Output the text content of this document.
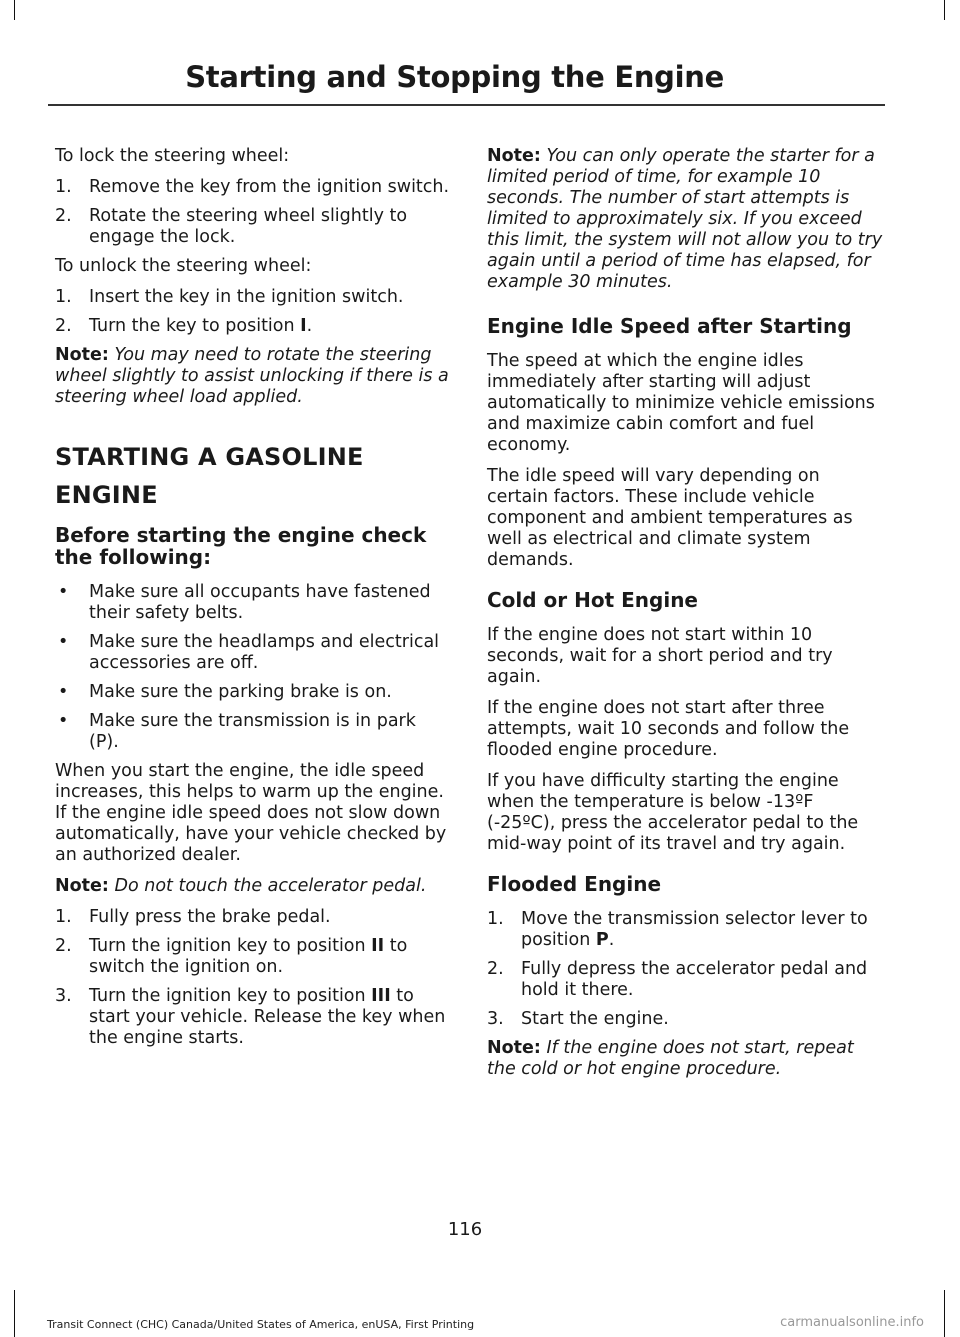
Starting and Stopping the Engine

To lock the steering wheel:

1. Remove the key from the ignition switch.
2. Rotate the steering wheel slightly to engage the lock.

To unlock the steering wheel:

1. Insert the key in the ignition switch.
2. Turn the key to position I.

Note: You may need to rotate the steering wheel slightly to assist unlocking if there is a steering wheel load applied.

STARTING A GASOLINE
ENGINE
Before starting the engine check the following:
• Make sure all occupants have fastened their safety belts.
• Make sure the headlamps and electrical accessories are off.
• Make sure the parking brake is on.
• Make sure the transmission is in park (P).

When you start the engine, the idle speed increases, this helps to warm up the engine. If the engine idle speed does not slow down automatically, have your vehicle checked by an authorized dealer.

Note: Do not touch the accelerator pedal.

1. Fully press the brake pedal.
2. Turn the ignition key to position II to switch the ignition on.
3. Turn the ignition key to position III to start your vehicle. Release the key when the engine starts.

Note: You can only operate the starter for a limited period of time, for example 10 seconds. The number of start attempts is limited to approximately six. If you exceed this limit, the system will not allow you to try again until a period of time has elapsed, for example 30 minutes.

Engine Idle Speed after Starting

The speed at which the engine idles immediately after starting will adjust automatically to minimize vehicle emissions and maximize cabin comfort and fuel economy.

The idle speed will vary depending on certain factors. These include vehicle component and ambient temperatures as well as electrical and climate system demands.

Cold or Hot Engine

If the engine does not start within 10 seconds, wait for a short period and try again.

If the engine does not start after three attempts, wait 10 seconds and follow the flooded engine procedure.

If you have difficulty starting the engine when the temperature is below -13ºF (-25ºC), press the accelerator pedal to the mid-way point of its travel and try again.

Flooded Engine
1. Move the transmission selector lever to position P.
2. Fully depress the accelerator pedal and hold it there.
3. Start the engine.

Note: If the engine does not start, repeat the cold or hot engine procedure.

116
Transit Connect (CHC) Canada/United States of America, enUSA, First Printing	carmanualsonline.info
